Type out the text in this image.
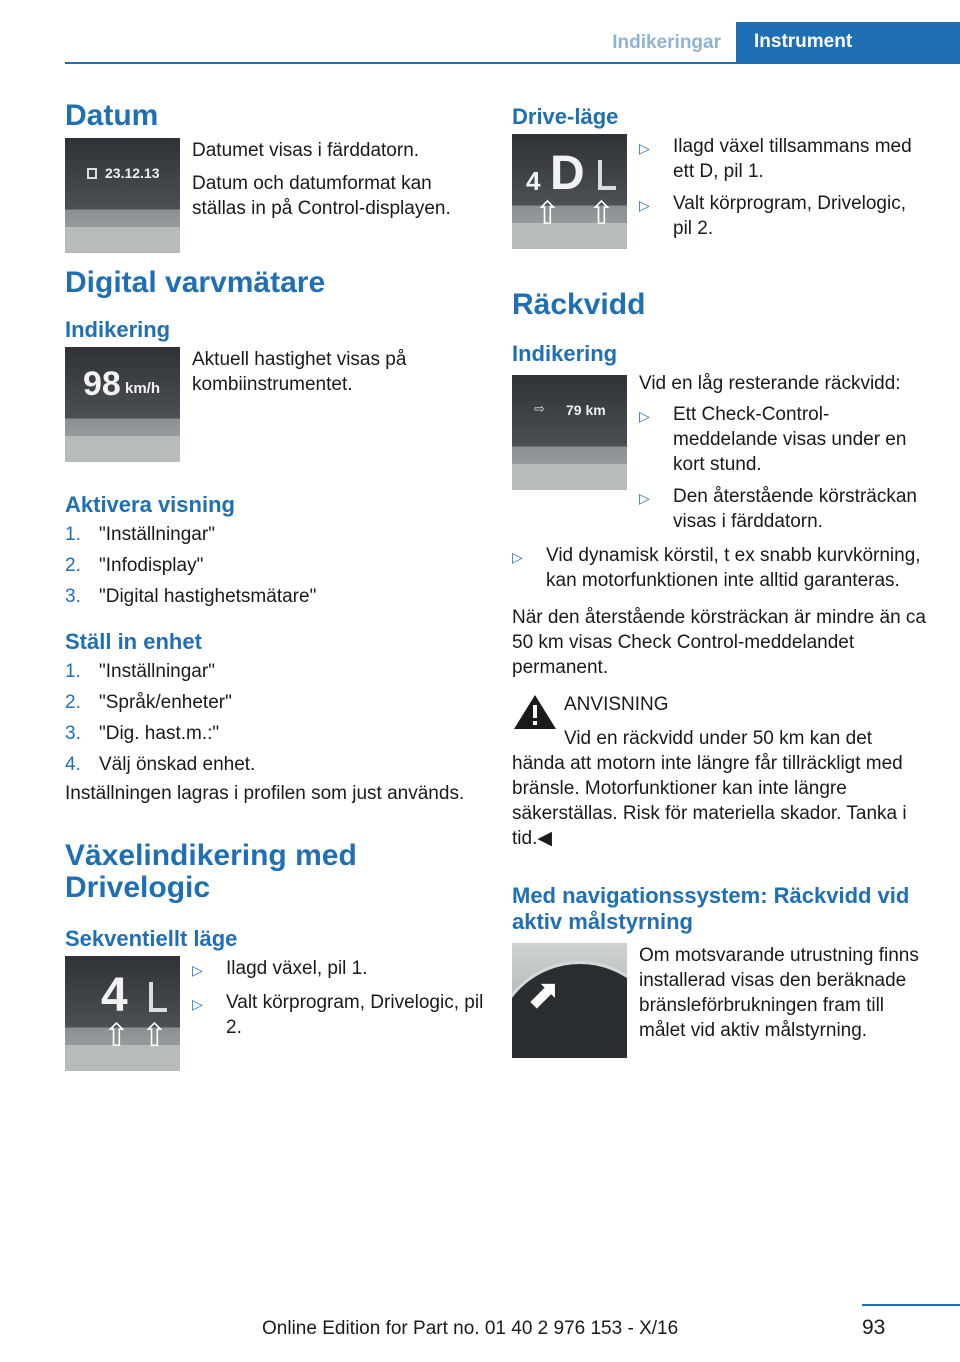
Indikeringar	Instrument
Datum
23.12.13

Datumet visas i färddatorn.

Datum och datumformat kan ställas in på Control-displayen.

Digital varvmätare
Indikering
98 km/h

Aktuell hastighet visas på kombiinstrumentet.

Aktivera visning
1. "Inställningar"
2. "Infodisplay"
3. "Digital hastighetsmätare"
Ställ in enhet
1. "Inställningar"
2. "Språk/enheter"
3. "Dig. hast.m.:"
4. Välj önskad enhet.

Inställningen lagras i profilen som just används.

Växelindikering med Drivelogic
Sekventiellt läge
4
⇧ ⇧
▷	Ilagd växel, pil 1.
▷	Valt körprogram, Drivelogic, pil 2.
Drive-läge
4 D
⇧ ⇧
▷	Ilagd växel tillsammans med ett D, pil 1.
▷	Valt körprogram, Drivelogic, pil 2.
Räckvidd
Indikering
⇨ 79 km

Vid en låg resterande räckvidd:

▷	Ett Check-Control-meddelande visas under en kort stund.
▷	Den återstående körsträckan visas i färddatorn.
▷	Vid dynamisk körstil, t ex snabb kurvkörning, kan motorfunktionen inte alltid garanteras.

När den återstående körsträckan är mindre än ca 50 km visas Check Control-meddelandet permanent.

ANVISNING

Vid en räckvidd under 50 km kan det hända att motorn inte längre får tillräckligt med bränsle. Motorfunktioner kan inte längre säkerställas. Risk för materiella skador. Tanka i tid.◀

Med navigationssystem: Räckvidd vid aktiv målstyrning
⬆

Om motsvarande utrustning finns installerad visas den beräknade bränsleförbrukningen fram till målet vid aktiv målstyrning.

93
Online Edition for Part no. 01 40 2 976 153 - X/16
